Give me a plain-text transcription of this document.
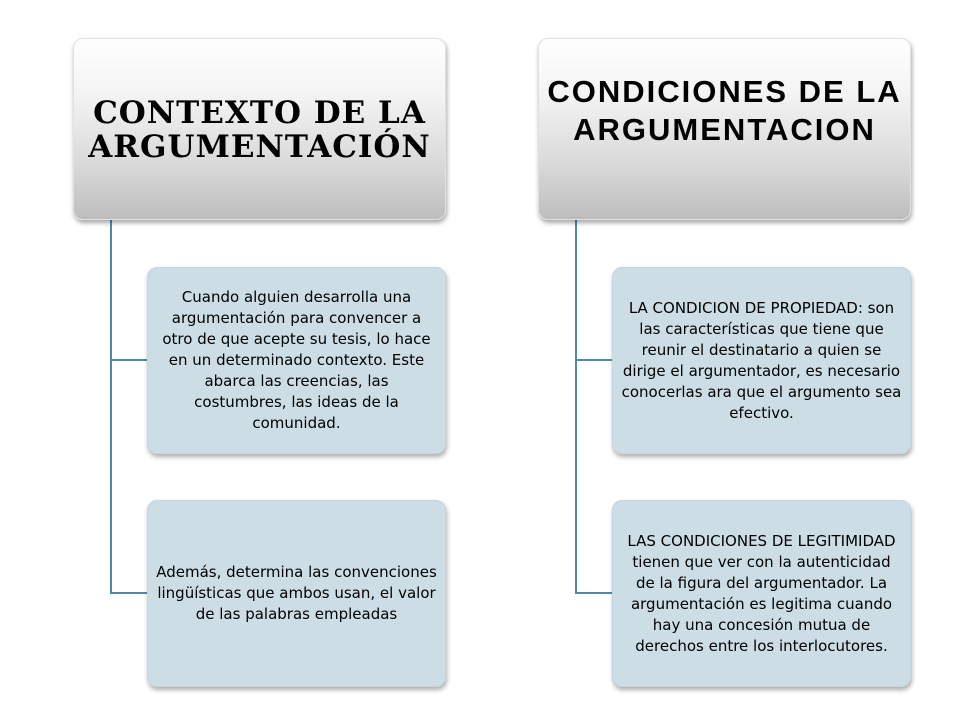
CONTEXTO DE LA ARGUMENTACIÓN
CONDICIONES DE LA ARGUMENTACION
Cuando alguien desarrolla una argumentación para convencer a otro de que acepte su tesis, lo hace en un determinado contexto. Este abarca las creencias, las costumbres, las ideas de la comunidad.
Además, determina las convenciones lingüísticas que ambos usan, el valor de las palabras empleadas
LA CONDICION DE PROPIEDAD: son las características que tiene que reunir el destinatario a quien se dirige el argumentador, es necesario conocerlas ara que el argumento sea efectivo.
LAS CONDICIONES DE LEGITIMIDAD tienen que ver con la autenticidad de la figura del argumentador. La argumentación es legitima cuando hay una concesión mutua de derechos entre los interlocutores.
